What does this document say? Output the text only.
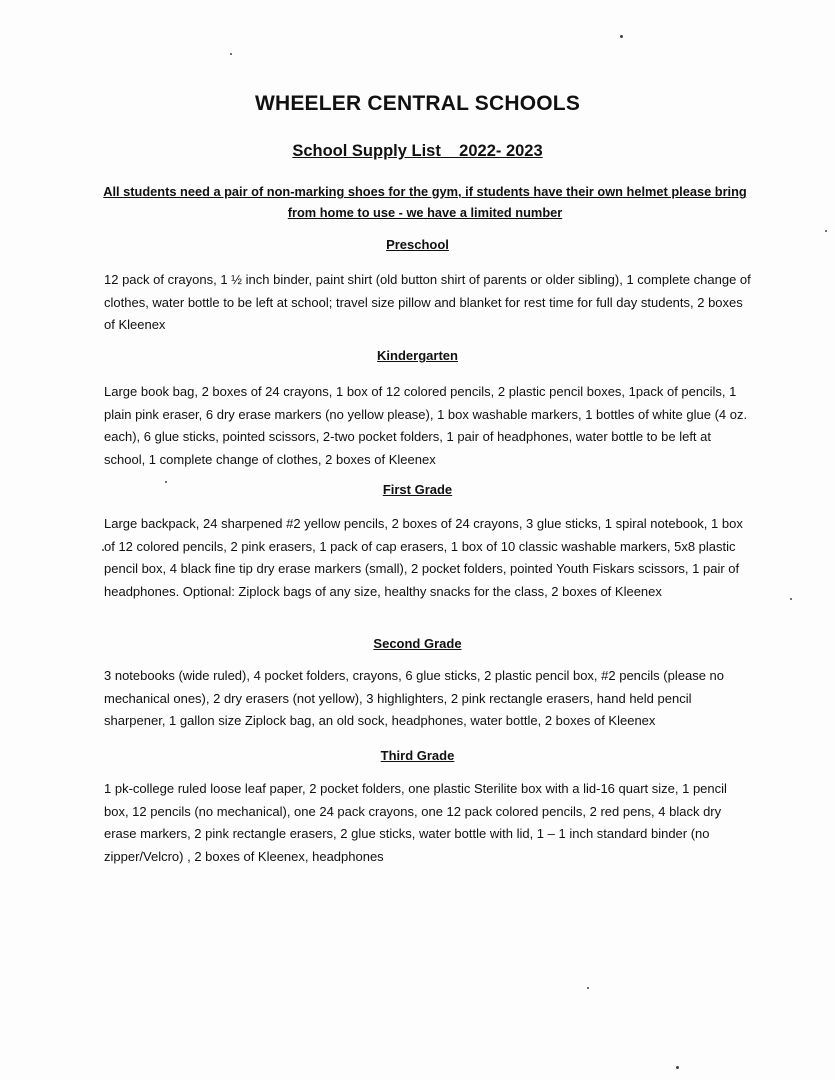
WHEELER CENTRAL SCHOOLS
School Supply List    2022- 2023
All students need a pair of non-marking shoes for the gym, if students have their own helmet please bring from home to use - we have a limited number
Preschool

12 pack of crayons, 1 ½ inch binder, paint shirt (old button shirt of parents or older sibling), 1 complete change of clothes, water bottle to be left at school; travel size pillow and blanket for rest time for full day students, 2 boxes of Kleenex

Kindergarten

Large book bag, 2 boxes of 24 crayons, 1 box of 12 colored pencils, 2 plastic pencil boxes, 1pack of pencils, 1 plain pink eraser, 6 dry erase markers (no yellow please), 1 box washable markers, 1 bottles of white glue (4 oz. each), 6 glue sticks, pointed scissors, 2-two pocket folders, 1 pair of headphones, water bottle to be left at school, 1 complete change of clothes, 2 boxes of Kleenex

First Grade

Large backpack, 24 sharpened #2 yellow pencils, 2 boxes of 24 crayons, 3 glue sticks, 1 spiral notebook, 1 box of 12 colored pencils, 2 pink erasers, 1 pack of cap erasers, 1 box of 10 classic washable markers, 5x8 plastic pencil box, 4 black fine tip dry erase markers (small), 2 pocket folders, pointed Youth Fiskars scissors, 1 pair of headphones. Optional: Ziplock bags of any size, healthy snacks for the class, 2 boxes of Kleenex

Second Grade

3 notebooks (wide ruled), 4 pocket folders, crayons, 6 glue sticks, 2 plastic pencil box, #2 pencils (please no mechanical ones), 2 dry erasers (not yellow), 3 highlighters, 2 pink rectangle erasers, hand held pencil sharpener, 1 gallon size Ziplock bag, an old sock, headphones, water bottle, 2 boxes of Kleenex

Third Grade

1 pk-college ruled loose leaf paper, 2 pocket folders, one plastic Sterilite box with a lid-16 quart size, 1 pencil box, 12 pencils (no mechanical), one 24 pack crayons, one 12 pack colored pencils, 2 red pens, 4 black dry erase markers, 2 pink rectangle erasers, 2 glue sticks, water bottle with lid, 1 – 1 inch standard binder (no zipper/Velcro) , 2 boxes of Kleenex, headphones
